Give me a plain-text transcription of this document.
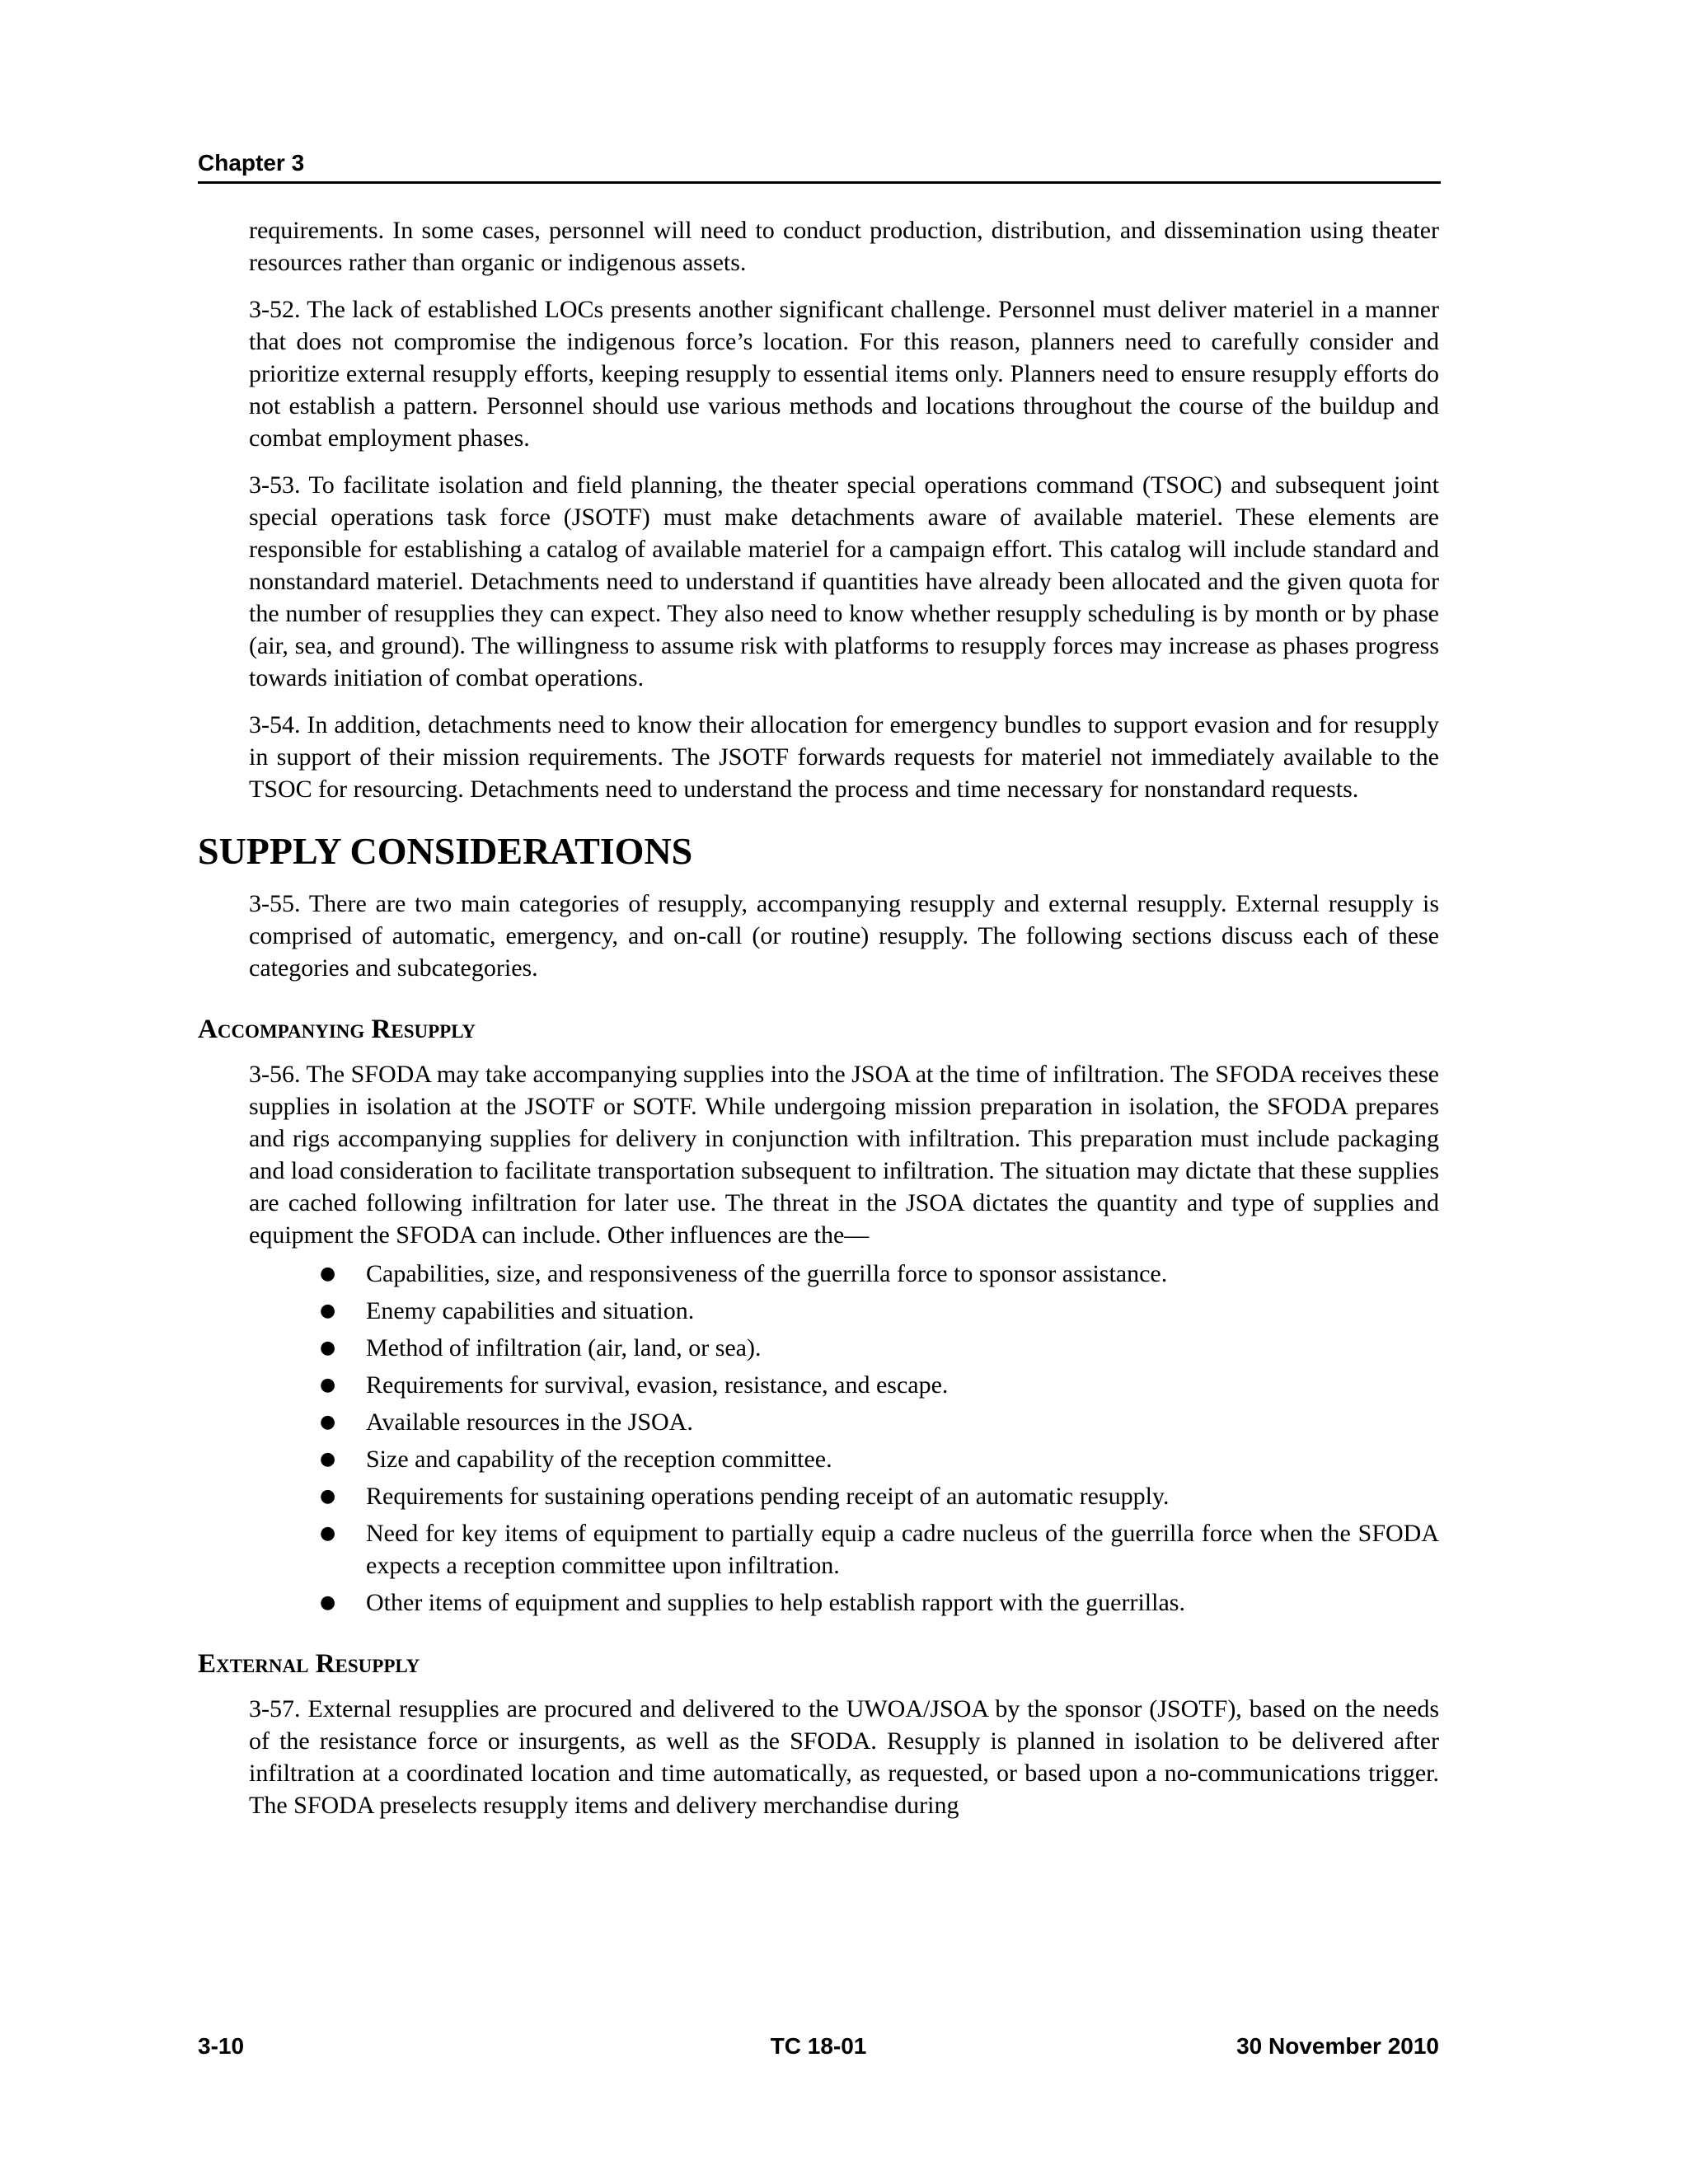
Chapter 3

requirements. In some cases, personnel will need to conduct production, distribution, and dissemination using theater resources rather than organic or indigenous assets.

3-52. The lack of established LOCs presents another significant challenge. Personnel must deliver materiel in a manner that does not compromise the indigenous force’s location. For this reason, planners need to carefully consider and prioritize external resupply efforts, keeping resupply to essential items only. Planners need to ensure resupply efforts do not establish a pattern. Personnel should use various methods and locations throughout the course of the buildup and combat employment phases.

3-53. To facilitate isolation and field planning, the theater special operations command (TSOC) and subsequent joint special operations task force (JSOTF) must make detachments aware of available materiel. These elements are responsible for establishing a catalog of available materiel for a campaign effort. This catalog will include standard and nonstandard materiel. Detachments need to understand if quantities have already been allocated and the given quota for the number of resupplies they can expect. They also need to know whether resupply scheduling is by month or by phase (air, sea, and ground). The willingness to assume risk with platforms to resupply forces may increase as phases progress towards initiation of combat operations.

3-54. In addition, detachments need to know their allocation for emergency bundles to support evasion and for resupply in support of their mission requirements. The JSOTF forwards requests for materiel not immediately available to the TSOC for resourcing. Detachments need to understand the process and time necessary for nonstandard requests.

SUPPLY CONSIDERATIONS

3-55. There are two main categories of resupply, accompanying resupply and external resupply. External resupply is comprised of automatic, emergency, and on-call (or routine) resupply. The following sections discuss each of these categories and subcategories.

Accompanying Resupply

3-56. The SFODA may take accompanying supplies into the JSOA at the time of infiltration. The SFODA receives these supplies in isolation at the JSOTF or SOTF. While undergoing mission preparation in isolation, the SFODA prepares and rigs accompanying supplies for delivery in conjunction with infiltration. This preparation must include packaging and load consideration to facilitate transportation subsequent to infiltration. The situation may dictate that these supplies are cached following infiltration for later use. The threat in the JSOA dictates the quantity and type of supplies and equipment the SFODA can include. Other influences are the—

● Capabilities, size, and responsiveness of the guerrilla force to sponsor assistance.
● Enemy capabilities and situation.
● Method of infiltration (air, land, or sea).
● Requirements for survival, evasion, resistance, and escape.
● Available resources in the JSOA.
● Size and capability of the reception committee.
● Requirements for sustaining operations pending receipt of an automatic resupply.
● Need for key items of equipment to partially equip a cadre nucleus of the guerrilla force when the SFODA expects a reception committee upon infiltration.
● Other items of equipment and supplies to help establish rapport with the guerrillas.
External Resupply

3-57. External resupplies are procured and delivered to the UWOA/JSOA by the sponsor (JSOTF), based on the needs of the resistance force or insurgents, as well as the SFODA. Resupply is planned in isolation to be delivered after infiltration at a coordinated location and time automatically, as requested, or based upon a no-communications trigger. The SFODA preselects resupply items and delivery merchandise during

3-10	TC 18-01	30 November 2010
